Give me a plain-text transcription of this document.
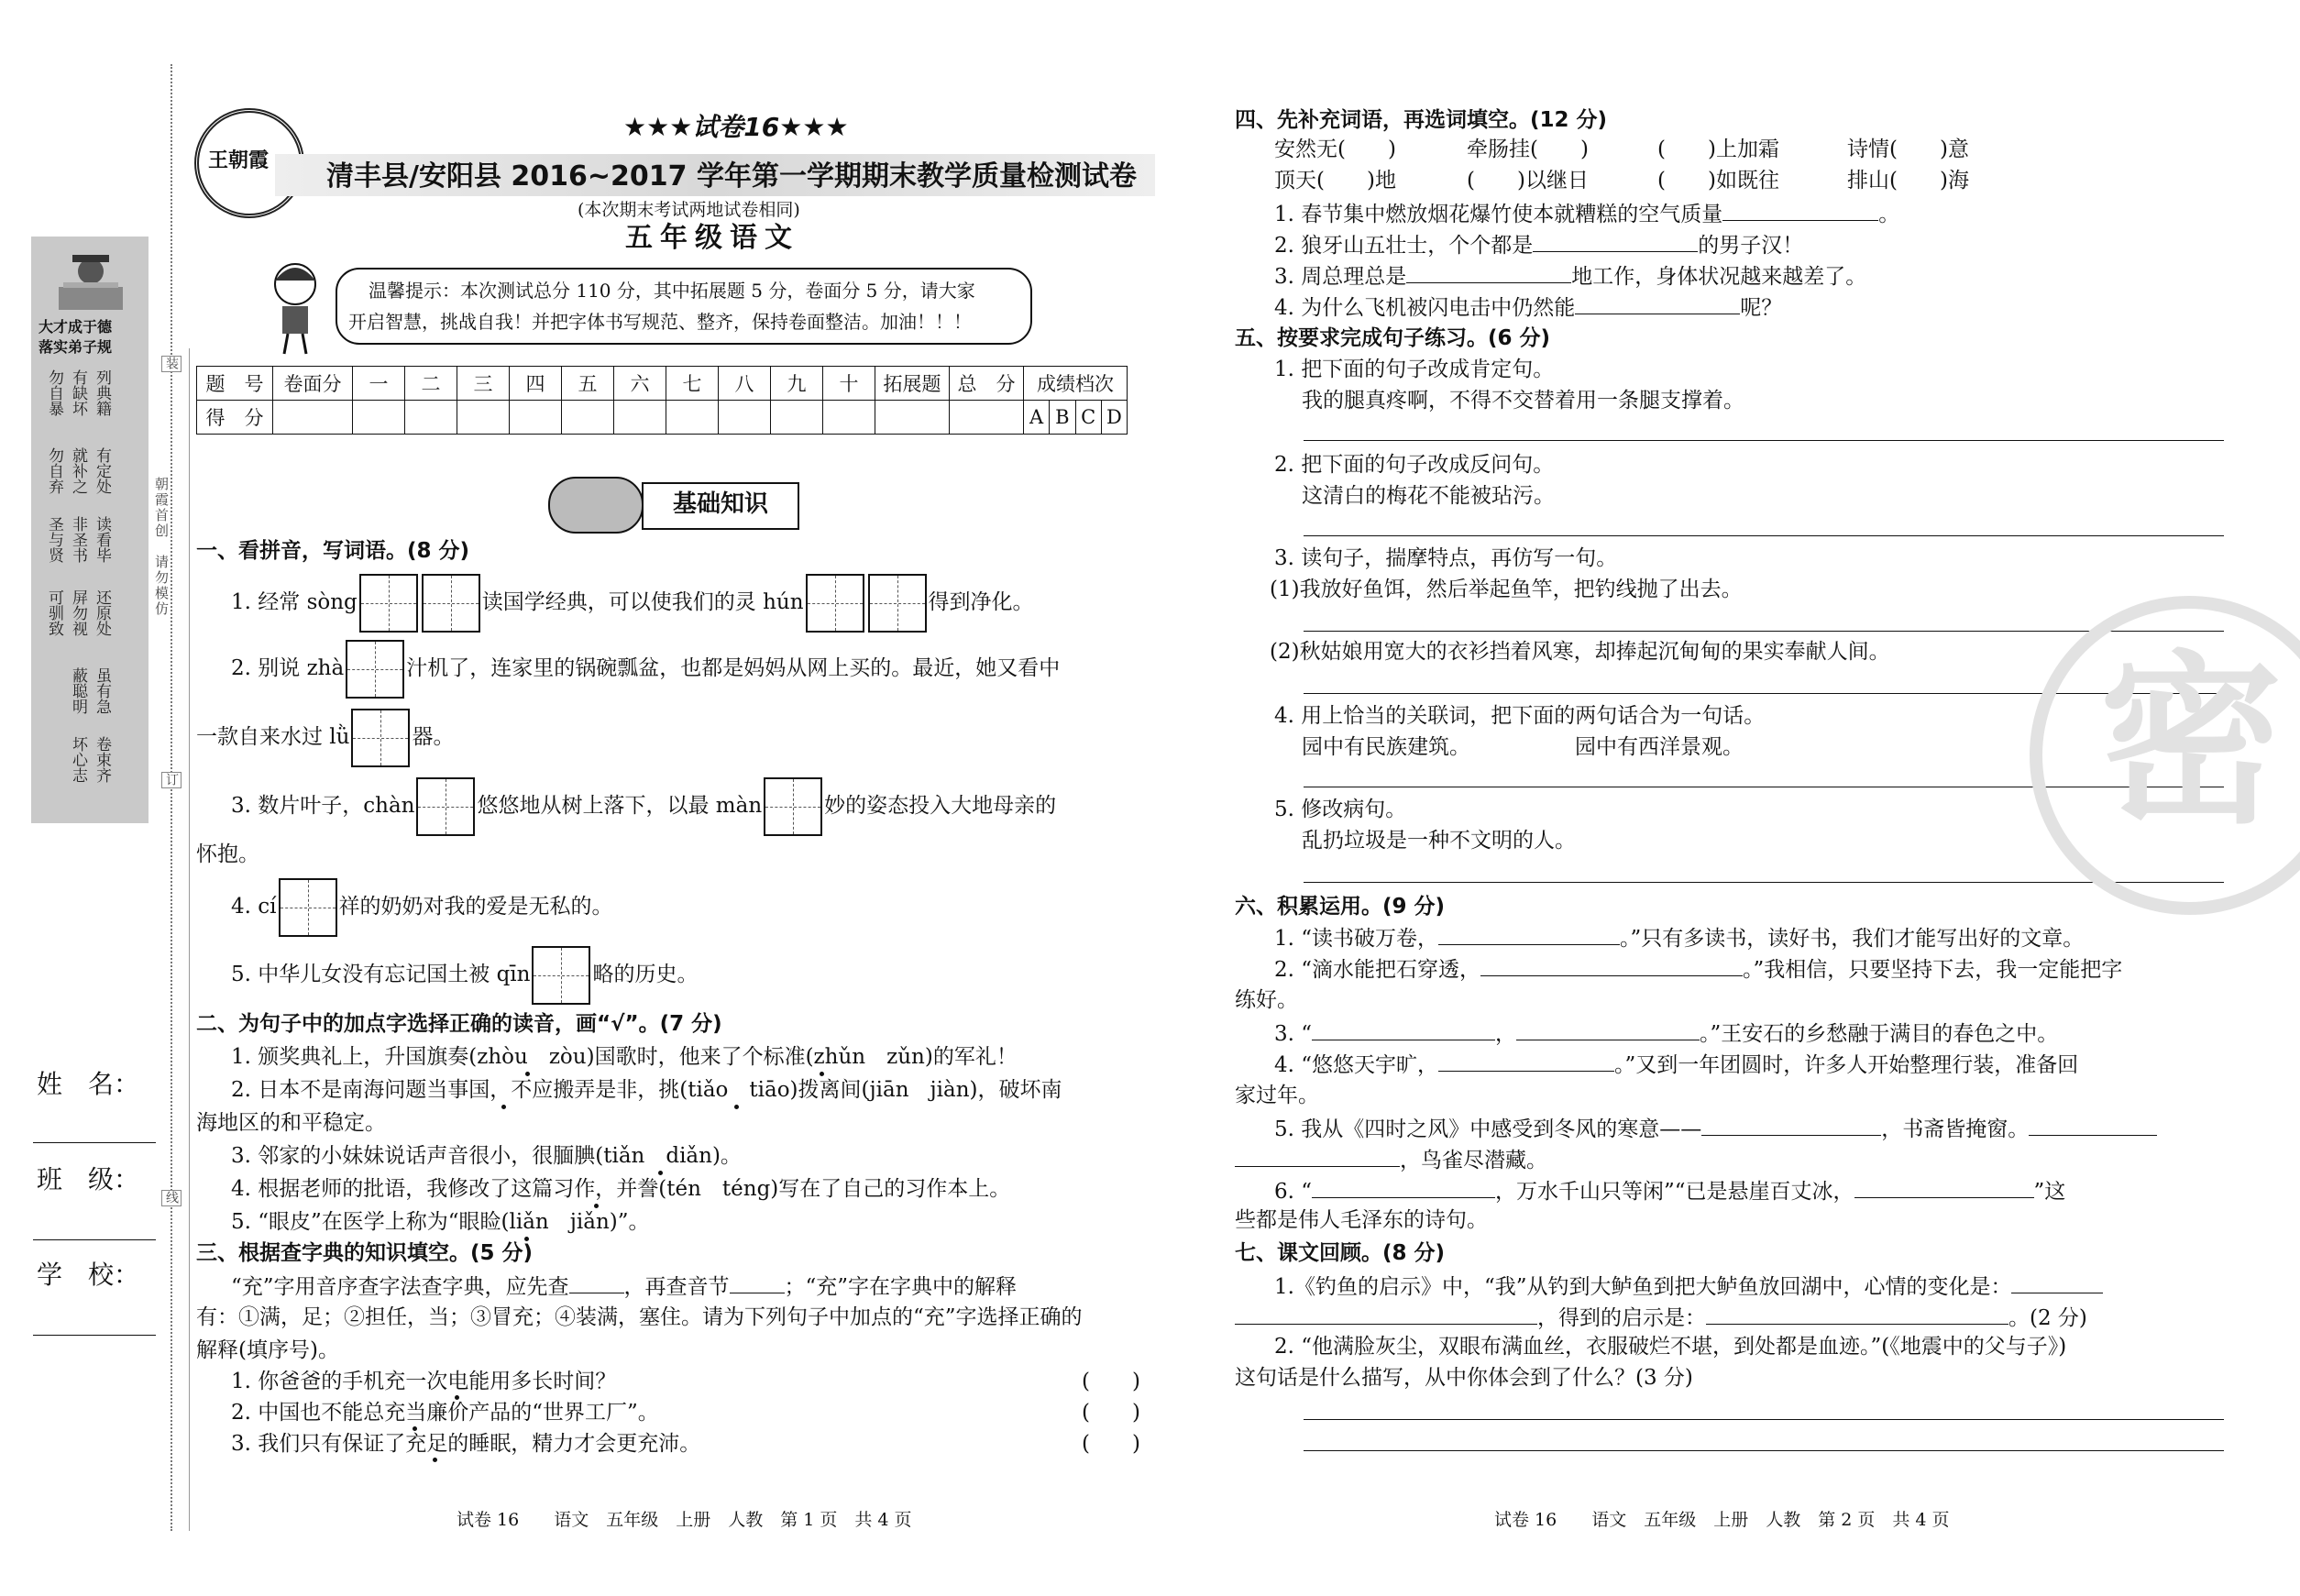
装
订
线
朝霞首创　请勿模仿
大才成于德
落实弟子规
勿自暴 有缺坏 列典籍
勿自弃 就补之 有定处
圣与贤 非圣书 读看毕
可驯致 屏勿视 还原处
蔽聪明 虽有急
坏心志 卷束齐
姓　名：
班　级：
学　校：
王朝霞
★★★试卷16★★★
清丰县/安阳县 2016~2017 学年第一学期期末教学质量检测试卷
(本次期末考试两地试卷相同)
五年级语文
温馨提示：本次测试总分 110 分，其中拓展题 5 分，卷面分 5 分，请大家
开启智慧，挑战自我！并把字体书写规范、整齐，保持卷面整洁。加油！！！
题　号	卷面分	一	二	三	四	五	六	七	八	九	十	拓展题	总　分	成绩档次			
得　分														A	B	C	D
基础知识
一、看拼音，写词语。(8 分)
1. 经常 sòng	读国学经典，可以使我们的灵 hún	得到净化。
2. 别说 zhà	汁机了，连家里的锅碗瓢盆，也都是妈妈从网上买的。最近，她又看中
一款自来水过 lǜ	器。
3. 数片叶子，chàn	悠悠地从树上落下，以最 màn	妙的姿态投入大地母亲的
怀抱。
4. cí	祥的奶奶对我的爱是无私的。
5. 中华儿女没有忘记国土被 qīn	略的历史。
二、为句子中的加点字选择正确的读音，画“√”。(7 分)
1. 颁奖典礼上，升国旗奏(zhòu　zòu)国歌时，他来了个标准(zhǔn　zǔn)的军礼！
2. 日本不是南海问题当事国，不应搬弄是非，挑(tiǎo　tiāo)拨离间(jiān　jiàn)，破坏南
海地区的和平稳定。
3. 邻家的小妹妹说话声音很小，很腼腆(tiǎn　diǎn)。
4. 根据老师的批语，我修改了这篇习作，并誊(tén　téng)写在了自己的习作本上。
5. “眼皮”在医学上称为“眼睑(liǎn　jiǎn)”。
三、根据查字典的知识填空。(5 分)
“充”字用音序查字法查字典，应先查	，再查音节	；“充”字在字典中的解释
有：①满，足；②担任，当；③冒充；④装满，塞住。请为下列句子中加点的“充”字选择正确的
解释(填序号)。
1. 你爸爸的手机充一次电能用多长时间？
2. 中国也不能总充当廉价产品的“世界工厂”。
3. 我们只有保证了充足的睡眠，精力才会更充沛。
(　　)
(　　)
(　　)
试卷 16　　语文　五年级　上册　人教　第 1 页　共 4 页
四、先补充词语，再选词填空。(12 分)
安然无(　　)	牵肠挂(　　)	(　　)上加霜	诗情(　　)意
顶天(　　)地	(　　)以继日	(　　)如既往	排山(　　)海
1. 春节集中燃放烟花爆竹使本就糟糕的空气质量	。
2. 狼牙山五壮士，个个都是	的男子汉！
3. 周总理总是	地工作，身体状况越来越差了。
4. 为什么飞机被闪电击中仍然能	呢？
五、按要求完成句子练习。(6 分)
1. 把下面的句子改成肯定句。
我的腿真疼啊，不得不交替着用一条腿支撑着。
2. 把下面的句子改成反问句。
这清白的梅花不能被玷污。
3. 读句子，揣摩特点，再仿写一句。
(1)我放好鱼饵，然后举起鱼竿，把钓线抛了出去。
(2)秋姑娘用宽大的衣衫挡着风寒，却捧起沉甸甸的果实奉献人间。
4. 用上恰当的关联词，把下面的两句话合为一句话。
园中有民族建筑。	园中有西洋景观。
5. 修改病句。
乱扔垃圾是一种不文明的人。
六、积累运用。(9 分)
1. “读书破万卷，	。”只有多读书，读好书，我们才能写出好的文章。
2. “滴水能把石穿透，	。”我相信，只要坚持下去，我一定能把字
练好。
3. “	，	。”王安石的乡愁融于满目的春色之中。
4. “悠悠天宇旷，	。”又到一年团圆时，许多人开始整理行装，准备回
家过年。
5. 我从《四时之风》中感受到冬风的寒意——	，书斋皆掩窗。
，鸟雀尽潜藏。
6. “	，万水千山只等闲”“已是悬崖百丈冰，	”这
些都是伟人毛泽东的诗句。
七、课文回顾。(8 分)
1.《钓鱼的启示》中，“我”从钓到大鲈鱼到把大鲈鱼放回湖中，心情的变化是：
，得到的启示是：	。(2 分)
2. “他满脸灰尘，双眼布满血丝，衣服破烂不堪，到处都是血迹。”(《地震中的父与子》)
这句话是什么描写，从中你体会到了什么？(3 分)
密
试卷 16　　语文　五年级　上册　人教　第 2 页　共 4 页
